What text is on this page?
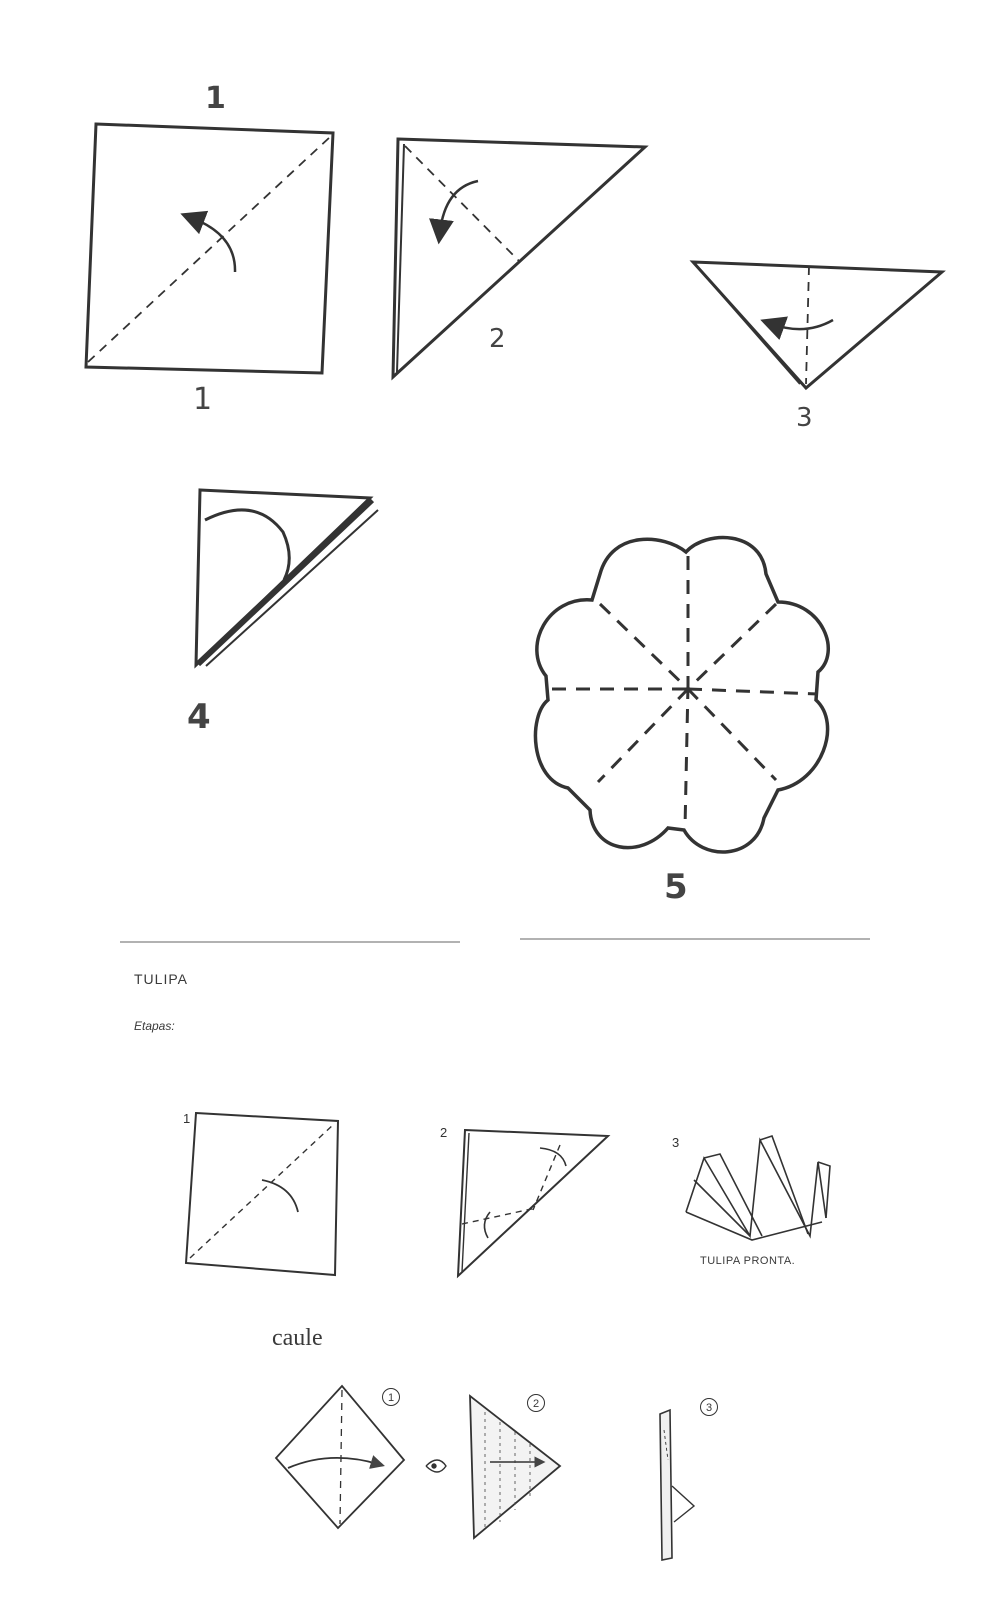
1
1
2
3
4
5
TULIPA
Etapas:
1
2
3
TULIPA PRONTA.
caule
1	2	3
